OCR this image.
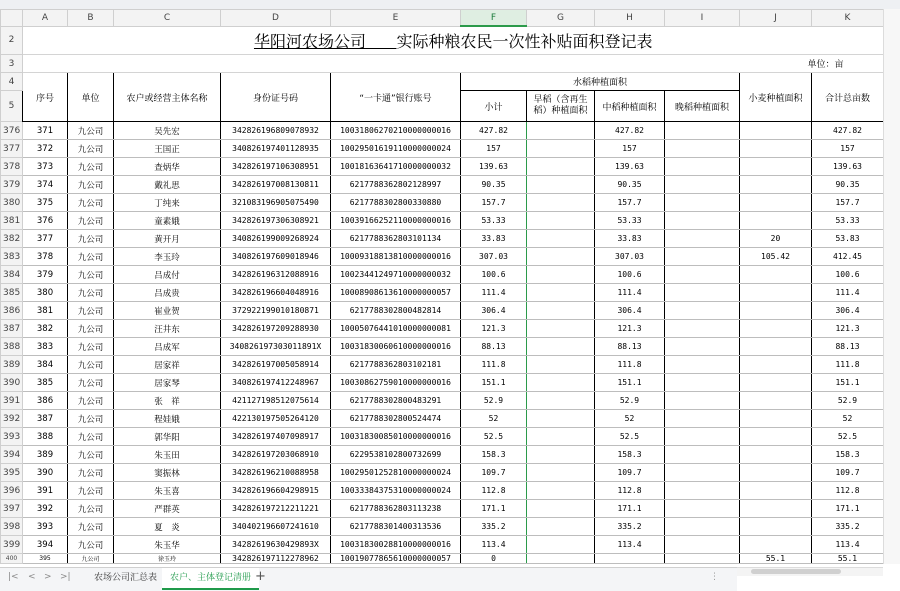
	A	B	C	D	E	F	G	H	I	J	K
2	华阳河农场公司 实际种粮农民一次性补贴面积登记表										
3	单位：亩										
4	序号	单位	农户或经营主体名称	身份证号码	“一卡通”银行账号	水稻种植面积				小麦种植面积	合计总亩数
5						小计	早稻（含再生稻）种植面积	中稻种植面积	晚稻种植面积		
376	371	九公司	吴先宏	342826196809078932	10031806270210000000016	427.82		427.82			427.82
377	372	九公司	王国正	340826197401128935	10029501619110000000024	157		157			157
378	373	九公司	查炳华	342826197106308951	10018163641710000000032	139.63		139.63			139.63
379	374	九公司	戴礼思	342826197008130811	6217788362802128997	90.35		90.35			90.35
380	375	九公司	丁纯来	321083196905075490	6217788302800330880	157.7		157.7			157.7
381	376	九公司	童素娥	342826197306308921	10039166252110000000016	53.33		53.33			53.33
382	377	九公司	黄开月	340826199009268924	6217788362803101134	33.83		33.83		20	53.83
383	378	九公司	李玉玲	340826197609018946	10009318813810000000016	307.03		307.03		105.42	412.45
384	379	九公司	吕成付	342826196312088916	10023441249710000000032	100.6		100.6			100.6
385	380	九公司	吕成贵	342826196604048916	10008908613610000000057	111.4		111.4			111.4
386	381	九公司	崔业贺	372922199010180871	6217788302800482814	306.4		306.4			306.4
387	382	九公司	汪井东	342826197209288930	10005076441010000000081	121.3		121.3			121.3
388	383	九公司	吕成军	340826197303011891X	10031830060610000000016	88.13		88.13			88.13
389	384	九公司	居家祥	342826197005058914	6217788362803102181	111.8		111.8			111.8
390	385	九公司	居家琴	340826197412248967	10030862759010000000016	151.1		151.1			151.1
391	386	九公司	张　祥	421127198512075614	6217788302800483291	52.9		52.9			52.9
392	387	九公司	程娃娥	422130197505264120	6217788302800524474	52		52			52
393	388	九公司	郭华阳	342826197407098917	10031830085010000000016	52.5		52.5			52.5
394	389	九公司	朱玉田	342826197203068910	6229538102800732699	158.3		158.3			158.3
395	390	九公司	窦振林	342826196210088958	10029501252810000000024	109.7		109.7			109.7
396	391	九公司	朱玉喜	342826196604298915	10033384375310000000024	112.8		112.8			112.8
397	392	九公司	严群英	342826197212211221	6217788362803113238	171.1		171.1			171.1
398	393	九公司	夏　炎	340402196607241610	6217788301400313536	335.2		335.2			335.2
399	394	九公司	朱玉华	34282619630429893X	10031830028810000000016	113.4		113.4			113.4
400	395	九公司	徐玉玲	342826197112278962	10019077865610000000057	0				55.1	55.1
|< < > >|	农场公司汇总表	农户、主体登记清册 +	⋮
